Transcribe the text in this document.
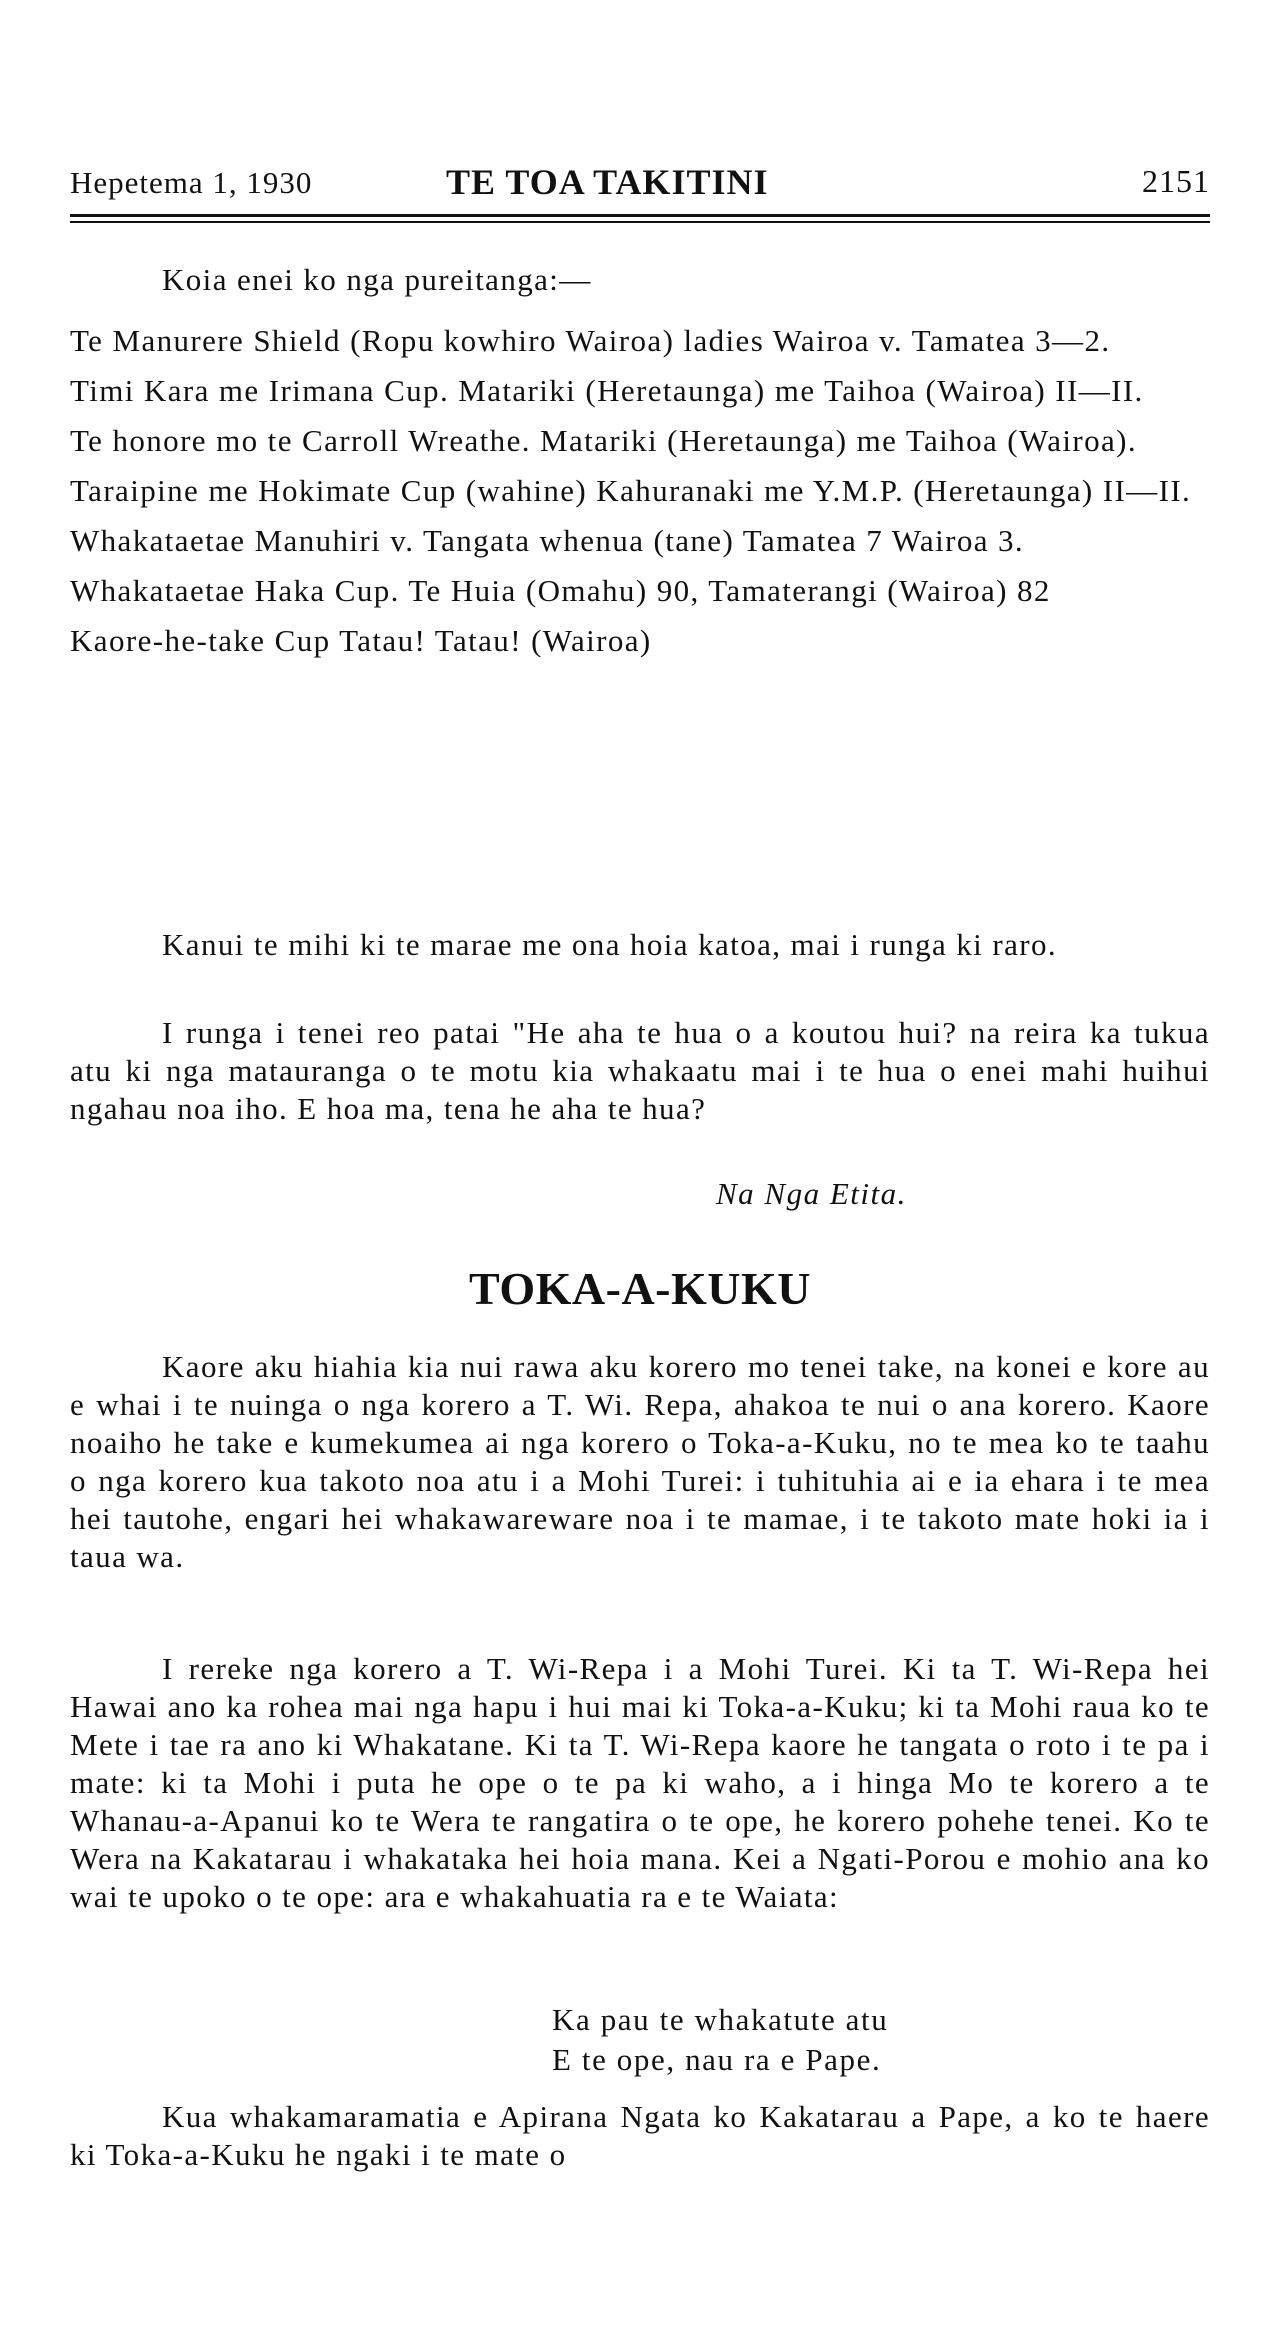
Hepetema 1, 1930	TE TOA TAKITINI	2151
Koia enei ko nga pureitanga:—
Te Manurere Shield (Ropu kowhiro Wairoa) ladies Wairoa v. Tamatea 3—2.
Timi Kara me Irimana Cup. Matariki (Heretaunga) me Taihoa (Wairoa) II—II.
Te honore mo te Carroll Wreathe. Matariki (Heretaunga) me Taihoa (Wairoa).
Taraipine me Hokimate Cup (wahine) Kahuranaki me Y.M.P. (Heretaunga) II—II.
Whakataetae Manuhiri v. Tangata whenua (tane) Tamatea 7 Wairoa 3.
Whakataetae Haka Cup. Te Huia (Omahu) 90, Tamaterangi (Wairoa) 82
Kaore-he-take Cup Tatau! Tatau! (Wairoa)
Kanui te mihi ki te marae me ona hoia katoa, mai i runga ki raro.
I runga i tenei reo patai "He aha te hua o a koutou hui? na reira ka tukua atu ki nga matauranga o te motu kia whakaatu mai i te hua o enei mahi huihui ngahau noa iho. E hoa ma, tena he aha te hua?
Na Nga Etita.
TOKA-A-KUKU
Kaore aku hiahia kia nui rawa aku korero mo tenei take, na konei e kore au e whai i te nuinga o nga korero a T. Wi. Repa, ahakoa te nui o ana korero. Kaore noaiho he take e kumekumea ai nga korero o Toka-a-Kuku, no te mea ko te taahu o nga korero kua takoto noa atu i a Mohi Turei: i tuhituhia ai e ia ehara i te mea hei tautohe, engari hei whakawareware noa i te mamae, i te takoto mate hoki ia i taua wa.
I rereke nga korero a T. Wi-Repa i a Mohi Turei. Ki ta T. Wi-Repa hei Hawai ano ka rohea mai nga hapu i hui mai ki Toka-a-Kuku; ki ta Mohi raua ko te Mete i tae ra ano ki Whakatane. Ki ta T. Wi-Repa kaore he tangata o roto i te pa i mate: ki ta Mohi i puta he ope o te pa ki waho, a i hinga Mo te korero a te Whanau-a-Apanui ko te Wera te rangatira o te ope, he korero pohehe tenei. Ko te Wera na Kakatarau i whakataka hei hoia mana. Kei a Ngati-Porou e mohio ana ko wai te upoko o te ope: ara e whakahuatia ra e te Waiata:
Ka pau te whakatute atu
E te ope, nau ra e Pape.
Kua whakamaramatia e Apirana Ngata ko Kakatarau a Pape, a ko te haere ki Toka-a-Kuku he ngaki i te mate o
